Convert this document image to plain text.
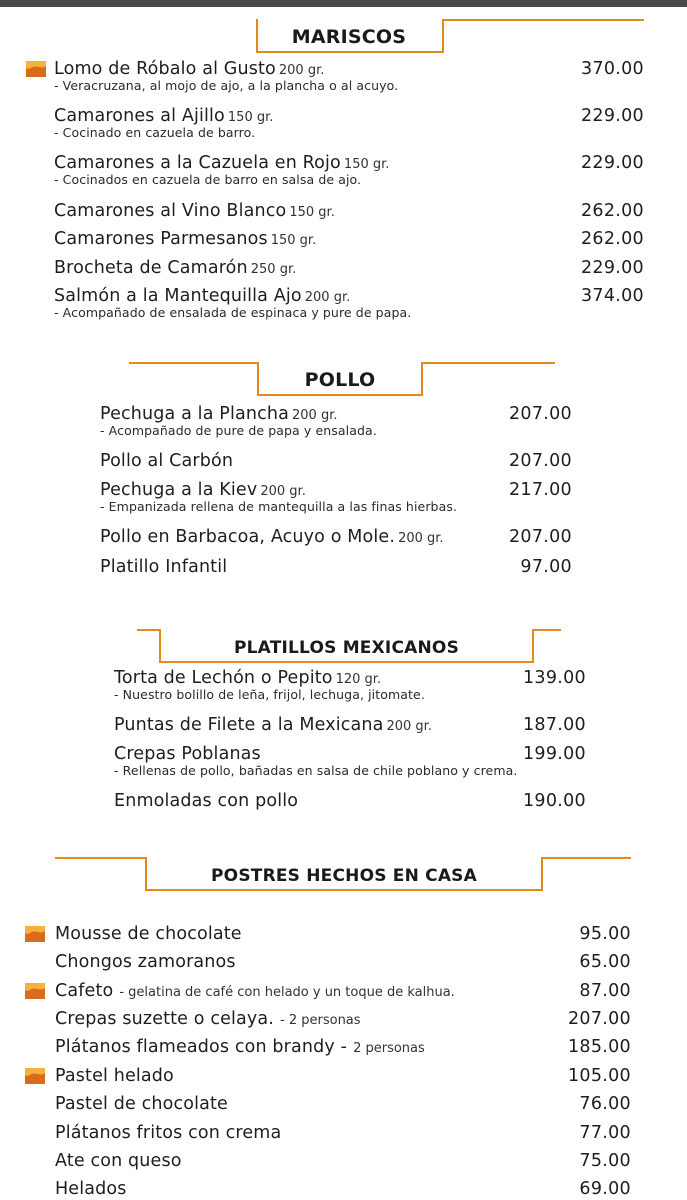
MARISCOS
Lomo de Róbalo al Gusto 200 gr.
- Veracruzana, al mojo de ajo, a la plancha o al acuyo.
370.00
Camarones al Ajillo 150 gr.
- Cocinado en cazuela de barro.
229.00
Camarones a la Cazuela en Rojo 150 gr.
- Cocinados en cazuela de barro en salsa de ajo.
229.00
Camarones al Vino Blanco 150 gr.	262.00
Camarones Parmesanos 150 gr.	262.00
Brocheta de Camarón 250 gr.	229.00
Salmón a la Mantequilla Ajo 200 gr.
- Acompañado de ensalada de espinaca y pure de papa.
374.00
POLLO
Pechuga a la Plancha 200 gr.
- Acompañado de pure de papa y ensalada.
207.00
Pollo al Carbón	207.00
Pechuga a la Kiev 200 gr.
- Empanizada rellena de mantequilla a las finas hierbas.
217.00
Pollo en Barbacoa, Acuyo o Mole. 200 gr.	207.00
Platillo Infantil	97.00
PLATILLOS MEXICANOS
Torta de Lechón o Pepito 120 gr.
- Nuestro bolillo de leña, frijol, lechuga, jitomate.
139.00
Puntas de Filete a la Mexicana 200 gr.	187.00
Crepas Poblanas
- Rellenas de pollo, bañadas en salsa de chile poblano y crema.
199.00
Enmoladas con pollo	190.00
POSTRES HECHOS EN CASA
Mousse de chocolate	95.00
Chongos zamoranos	65.00
Cafeto - gelatina de café con helado y un toque de kalhua.	87.00
Crepas suzette o celaya. - 2 personas	207.00
Plátanos flameados con brandy - 2 personas	185.00
Pastel helado	105.00
Pastel de chocolate	76.00
Plátanos fritos con crema	77.00
Ate con queso	75.00
Helados	69.00
